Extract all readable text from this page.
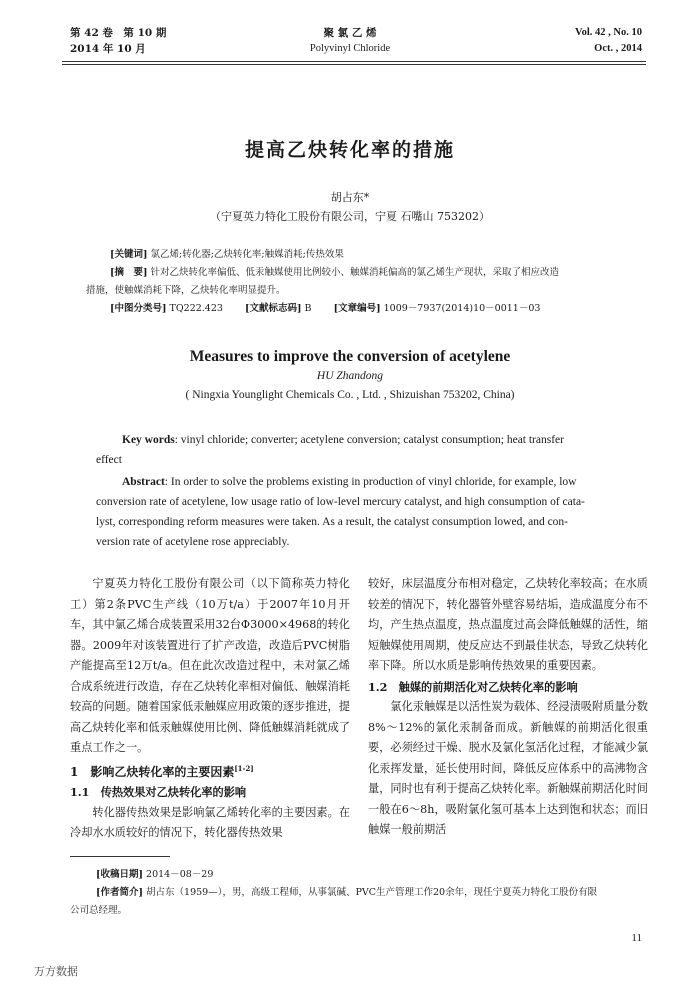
第 42 卷　第 10 期
2014 年 10 月
聚 氯 乙 烯
Polyvinyl Chloride
Vol. 42 , No. 10
Oct. , 2014
提高乙炔转化率的措施
胡占东*
（宁夏英力特化工股份有限公司，宁夏 石嘴山 753202）
[关键词] 氯乙烯;转化器;乙炔转化率;触媒消耗;传热效果
[摘　要] 针对乙炔转化率偏低、低汞触媒使用比例较小、触媒消耗偏高的氯乙烯生产现状，采取了相应改造
措施，使触媒消耗下降，乙炔转化率明显提升。
[中图分类号] TQ222.423 [文献标志码] B [文章编号] 1009－7937(2014)10－0011－03
Measures to improve the conversion of acetylene
HU Zhandong
( Ningxia Younglight Chemicals Co. , Ltd. , Shizuishan 753202, China)
Key words: vinyl chloride; converter; acetylene conversion; catalyst consumption; heat transfer
effect
Abstract: In order to solve the problems existing in production of vinyl chloride, for example, low
conversion rate of acetylene, low usage ratio of low-level mercury catalyst, and high consumption of cata-
lyst, corresponding reform measures were taken. As a result, the catalyst consumption lowed, and con-
version rate of acetylene rose appreciably.

宁夏英力特化工股份有限公司（以下简称英力特化工）第2条PVC生产线（10万t/a）于2007年10月开车，其中氯乙烯合成装置采用32台Φ3000×4968的转化器。2009年对该装置进行了扩产改造，改造后PVC树脂产能提高至12万t/a。但在此次改造过程中，未对氯乙烯合成系统进行改造，存在乙炔转化率相对偏低、触媒消耗较高的问题。随着国家低汞触媒应用政策的逐步推进，提高乙炔转化率和低汞触媒使用比例、降低触媒消耗就成了重点工作之一。

1　影响乙炔转化率的主要因素[1-2]
1.1　传热效果对乙炔转化率的影响

转化器传热效果是影响氯乙烯转化率的主要因素。在冷却水水质较好的情况下，转化器传热效果

较好，床层温度分布相对稳定，乙炔转化率较高；在水质较差的情况下，转化器管外壁容易结垢，造成温度分布不均，产生热点温度，热点温度过高会降低触媒的活性，缩短触媒使用周期，使反应达不到最佳状态，导致乙炔转化率下降。所以水质是影响传热效果的重要因素。

1.2　触媒的前期活化对乙炔转化率的影响

氯化汞触媒是以活性炭为载体、经浸渍吸附质量分数8%～12%的氯化汞制备而成。新触媒的前期活化很重要，必须经过干燥、脱水及氯化氢活化过程，才能减少氯化汞挥发量，延长使用时间，降低反应体系中的高沸物含量，同时也有利于提高乙炔转化率。新触媒前期活化时间一般在6～8h，吸附氯化氢可基本上达到饱和状态；而旧触媒一般前期活

[收稿日期] 2014－08－29
[作者简介] 胡占东（1959—），男，高级工程师，从事氯碱、PVC生产管理工作20余年，现任宁夏英力特化工股份有限
公司总经理。
11
万方数据
